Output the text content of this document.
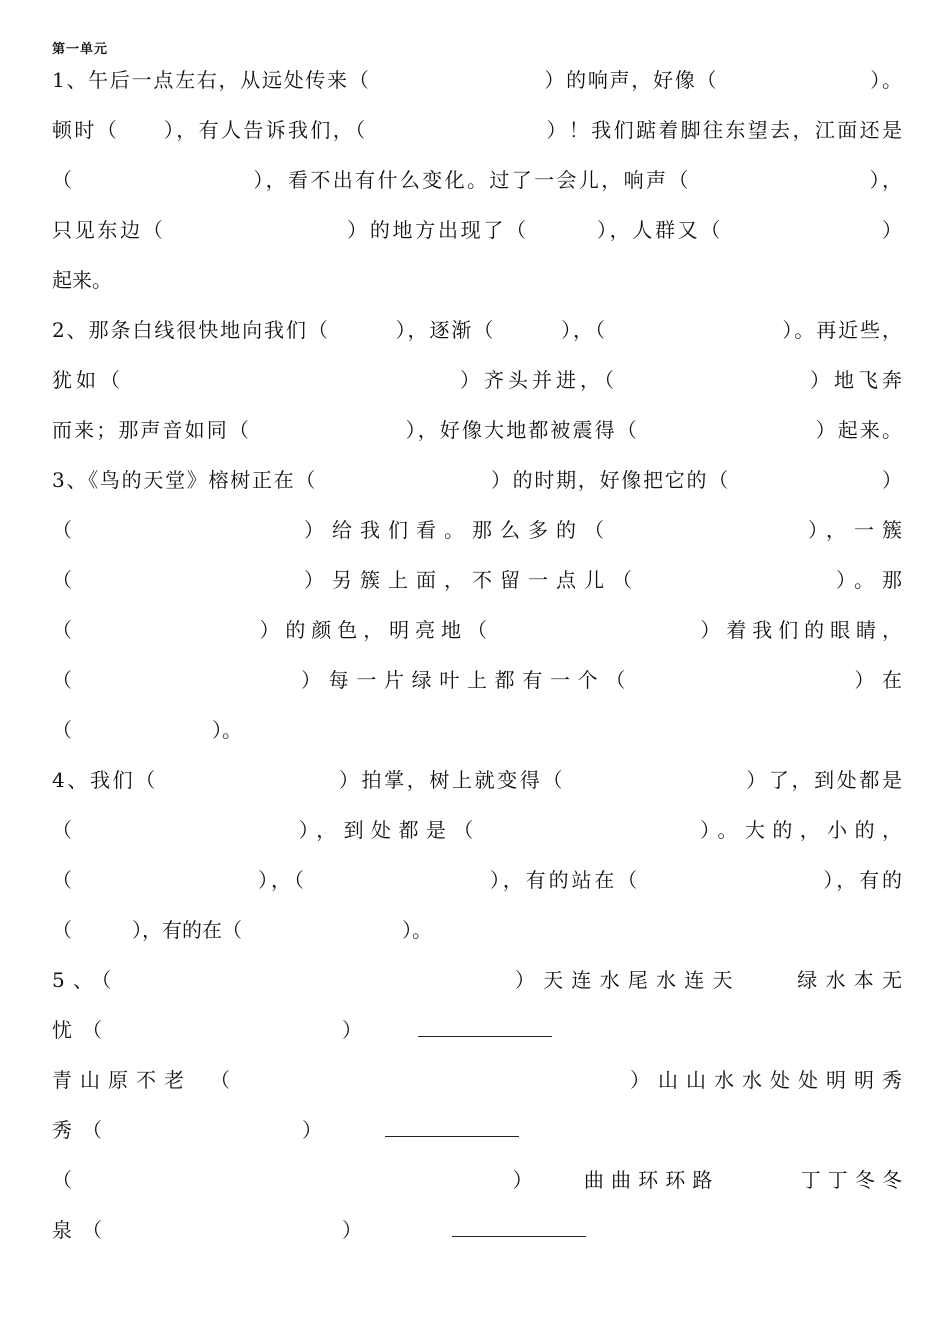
第一单元
1、午后一点左右，从远处传来（　　　　　　　　）的响声，好像（　　　　　　　）。
顿时（　　），有人告诉我们，（　　　　　　　　）！我们踮着脚往东望去，江面还是
（　　　　　　　　），看不出有什么变化。过了一会儿，响声（　　　　　　　　），
只见东边（　　　　　　　　）的地方出现了（　　　），人群又（　　　　　　　）
起来。
2、那条白线很快地向我们（　　　），逐渐（　　　），（　　　　　　　　）。再近些，
犹如（　　　　　　　　　　　　　　）齐头并进，（　　　　　　　　）地飞奔
而来；那声音如同（　　　　　　　），好像大地都被震得（　　　　　　　　）起来。
3、《鸟的天堂》榕树正在（　　　　　　　　）的时期，好像把它的（　　　　　　　）
（　　　　　　　　）给我们看。那么多的（　　　　　　　），一簇
（　　　　　　　　）另簇上面，不留一点儿（　　　　　　　）。那
（　　　　　　　）的颜色，明亮地（　　　　　　　　）着我们的眼睛，
（　　　　　　　　）每一片绿叶上都有一个（　　　　　　　　）在
（　　　　　　　）。
4、我们（　　　　　　　　）拍掌，树上就变得（　　　　　　　　）了，到处都是
（　　　　　　　　），到处都是（　　　　　　　　）。大的，小的，
（　　　　　　　　），（　　　　　　　　），有的站在（　　　　　　　　），有的
（　　　），有的在（　　　　　　　　）。
5、（　　　　　　　　　　　　　　）天连水尾水连天　　绿水本无
忧　（　　　　　　　　　　　　）
青山原不老　（　　　　　　　　　　　　　　）山山水水处处明明秀
秀　（　　　　　　　　　　）
（　　　　　　　　　　　　　　　　）　　曲曲环环路　　　丁丁冬冬
泉　（　　　　　　　　　　　　）
